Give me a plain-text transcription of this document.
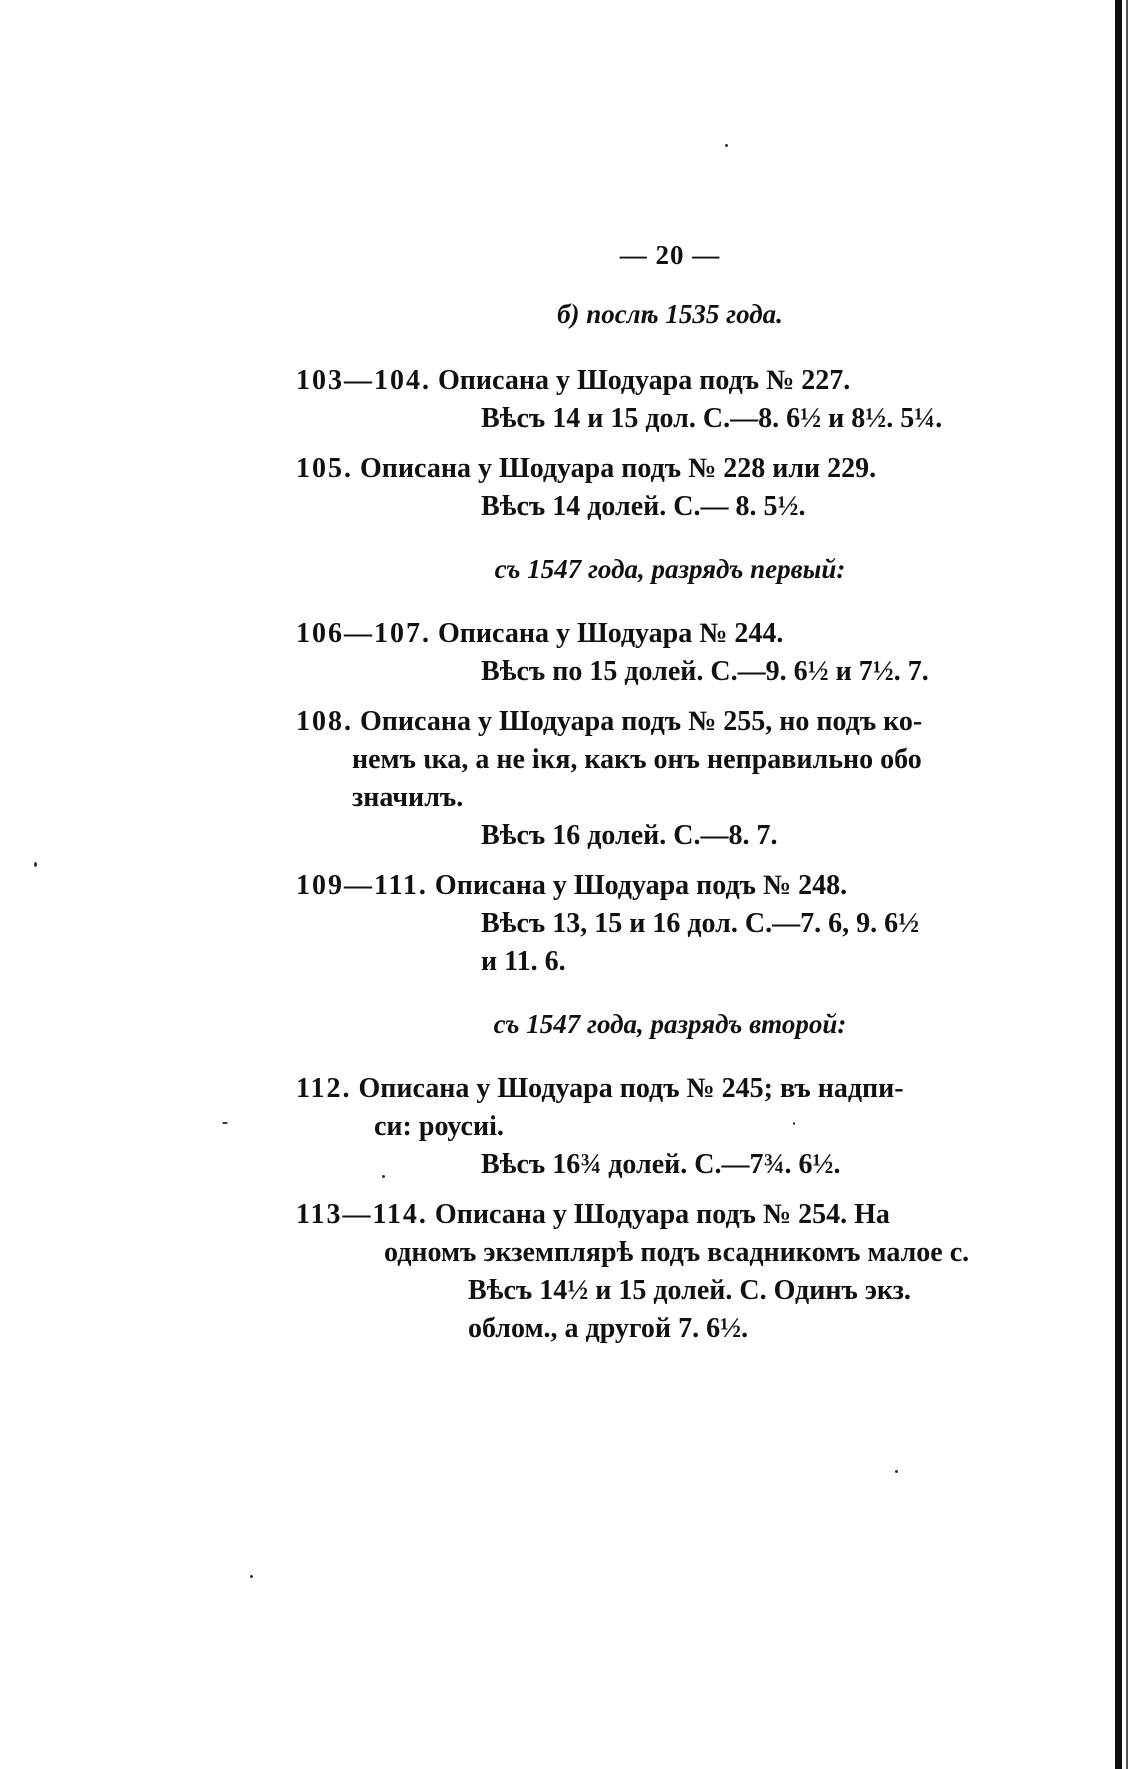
— 20 —
б) послѣ 1535 года.
103—104. Описана у Шодуара подъ № 227.
Вѣсъ 14 и 15 дол. С.—8. 6½ и 8½. 5¼.
105. Описана у Шодуара подъ № 228 или 229.
Вѣсъ 14 долей. С.— 8. 5½.
съ 1547 года, разрядъ первый:
106—107. Описана у Шодуара № 244.
Вѣсъ по 15 долей. С.—9. 6½ и 7½. 7.
108. Описана у Шодуара подъ № 255, но подъ ко-
немъ ιка, а не іκя, какъ онъ неправильно обо
значилъ.
Вѣсъ 16 долей. С.—8. 7.
109—111. Описана у Шодуара подъ № 248.
Вѣсъ 13, 15 и 16 дол. С.—7. 6, 9. 6½
и 11. 6.
съ 1547 года, разрядъ второй:
112. Описана у Шодуара подъ № 245; въ надпи-
си: роусиі.
Вѣсъ 16¾ долей. С.—7¾. 6½.
113—114. Описана у Шодуара подъ № 254. На
одномъ экземплярѣ подъ всадникомъ малое с.
Вѣсъ 14½ и 15 долей. С. Одинъ экз.
облом., а другой 7. 6½.
